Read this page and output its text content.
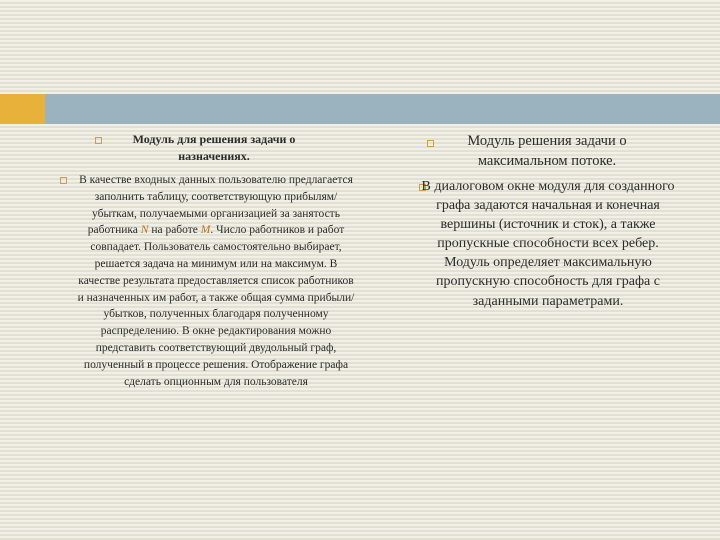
Модуль для решения задачи о назначениях.
В качестве входных данных пользователю предлагается заполнить таблицу, соответствующую прибылям/убыткам, получаемыми организацией за занятость работника N на работе M. Число работников и работ совпадает. Пользователь самостоятельно выбирает, решается задача на минимум или на максимум. В качестве результата предоставляется список работников и назначенных им работ, а также общая сумма прибыли/убытков, полученных благодаря полученному распределению. В окне редактирования можно представить соответствующий двудольный граф, полученный в процессе решения. Отображение графа сделать опционным для пользователя
Модуль решения задачи о максимальном потоке.
В диалоговом окне модуля для созданного графа задаются начальная и конечная вершины (источник и сток), а также пропускные способности всех ребер. Модуль определяет максимальную пропускную способность для графа с заданными параметрами.
